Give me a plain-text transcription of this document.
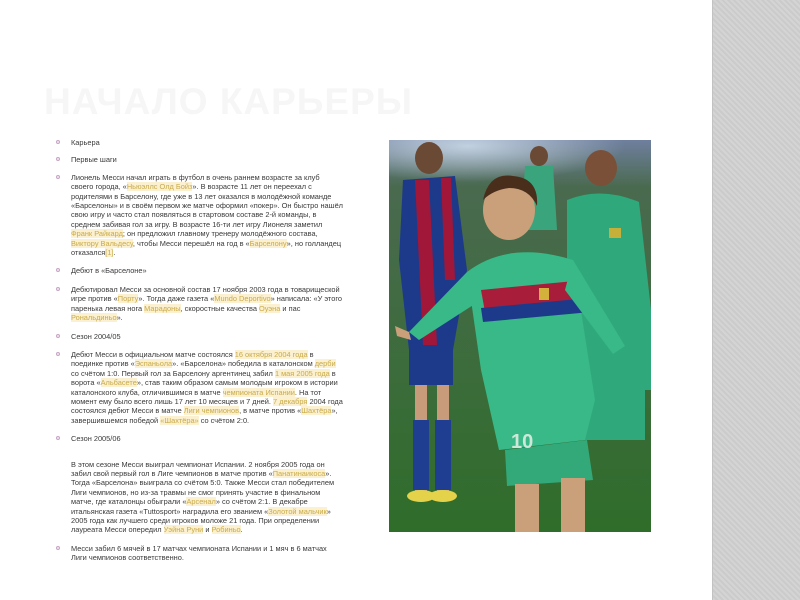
НАЧАЛО КАРЬЕРЫ
Карьера
Первые шаги
Лионель Месси начал играть в футбол в очень раннем возрасте за клуб своего города, «Ньюэллс Олд Бойз». В возрасте 11 лет он переехал с родителями в Барселону, где уже в 13 лет оказался в молодёжной команде «Барселоны» и в своём первом же матче оформил «покер». Он быстро нашёл свою игру и часто стал появляться в стартовом составе 2-й команды, в среднем забивая гол за игру. В возрасте 16-ти лет игру Лионеля заметил Франк Райкард; он предложил главному тренеру молодёжного состава, Виктору Вальдесу, чтобы Месси перешёл на год в «Барселону», но голландец отказался[1].
Дебют в «Барселоне»
Дебютировал Месси за основной состав 17 ноября 2003 года в товарищеской игре против «Порту». Тогда даже газета «Mundo Deportivo» написала: «У этого паренька левая нога Марадоны, скоростные качества Оуэна и пас Рональдиньо».
Сезон 2004/05
Дебют Месси в официальном матче состоялся 16 октября 2004 года в поединке против «Эспаньола». «Барселона» победила в каталонском дерби со счётом 1:0. Первый гол за Барселону аргентинец забил 1 мая 2005 года в ворота «Альбасете», став таким образом самым молодым игроком в истории каталонского клуба, отличившимся в матче чемпионата Испании. На тот момент ему было всего лишь 17 лет 10 месяцев и 7 дней. 7 декабря 2004 года состоялся дебют Месси в матче Лиги чемпионов, в матче против «Шахтёра», завершившемся победой «Шахтёра» со счётом 2:0.
Сезон 2005/06
В этом сезоне Месси выиграл чемпионат Испании. 2 ноября 2005 года он забил свой первый гол в Лиге чемпионов в матче против «Панатинаикоса». Тогда «Барселона» выиграла со счётом 5:0. Также Месси стал победителем Лиги чемпионов, но из-за травмы не смог принять участие в финальном матче, где каталонцы обыграли «Арсенал» со счётом 2:1. В декабре итальянская газета «Tuttosport» наградила его званием «Золотой мальчик» 2005 года как лучшего среди игроков моложе 21 года. При определении лауреата Месси опередил Уэйна Руни и Робиньо.
Месси забил 6 мячей в 17 матчах чемпионата Испании и 1 мяч в 6 матчах Лиги чемпионов соответственно.
10
